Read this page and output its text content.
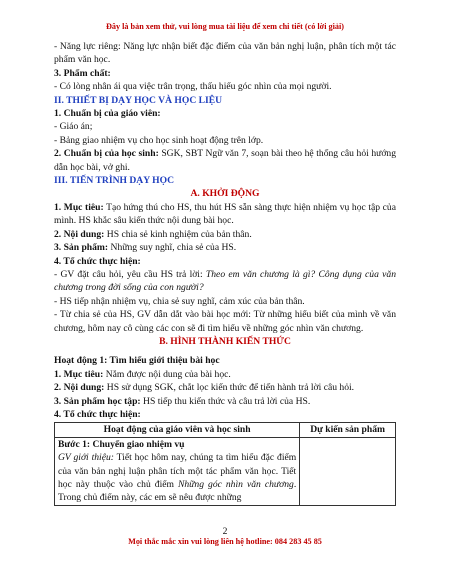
Đây là bản xem thử, vui lòng mua tài liệu để xem chi tiết (có lời giải)

- Năng lực riêng: Năng lực nhận biết đặc điểm của văn bản nghị luận, phân tích một tác phẩm văn học.

3. Phẩm chất:

- Có lòng nhân ái qua việc trân trọng, thấu hiểu góc nhìn của mọi người.

II. THIẾT BỊ DẠY HỌC VÀ HỌC LIỆU

1. Chuẩn bị của giáo viên:

- Giáo án;

- Bảng giao nhiệm vụ cho học sinh hoạt động trên lớp.

2. Chuẩn bị của học sinh: SGK, SBT Ngữ văn 7, soạn bài theo hệ thống câu hỏi hướng dẫn học bài, vở ghi.

III. TIẾN TRÌNH DẠY HỌC

A. KHỞI ĐỘNG

1. Mục tiêu: Tạo hứng thú cho HS, thu hút HS sẵn sàng thực hiện nhiệm vụ học tập của mình. HS khắc sâu kiến thức nội dung bài học.

2. Nội dung: HS chia sẻ kinh nghiệm của bản thân.

3. Sản phẩm: Những suy nghĩ, chia sẻ của HS.

4. Tổ chức thực hiện:

- GV đặt câu hỏi, yêu cầu HS trả lời: Theo em văn chương là gì? Công dụng của văn chương trong đời sống của con người?

- HS tiếp nhận nhiệm vụ, chia sẻ suy nghĩ, cảm xúc của bản thân.

- Từ chia sẻ của HS, GV dẫn dắt vào bài học mới: Từ những hiểu biết của mình về văn chương, hôm nay cô cùng các con sẽ đi tìm hiểu về những góc nhìn văn chương.

B. HÌNH THÀNH KIẾN THỨC

Hoạt động 1: Tìm hiểu giới thiệu bài học

1. Mục tiêu: Nắm được nội dung của bài học.

2. Nội dung: HS sử dụng SGK, chắt lọc kiến thức để tiến hành trả lời câu hỏi.

3. Sản phẩm học tập: HS tiếp thu kiến thức và câu trả lời của HS.

4. Tổ chức thực hiện:

Hoạt động của giáo viên và học sinh	Dự kiến sản phẩm

Bước 1: Chuyển giao nhiệm vụ

GV giới thiệu: Tiết học hôm nay, chúng ta tìm hiểu đặc điểm của văn bản nghị luận phân tích một tác phẩm văn học. Tiết học này thuộc vào chủ điểm Những góc nhìn văn chương. Trong chủ điểm này, các em sẽ nêu được những	

2
Mọi thắc mắc xin vui lòng liên hệ hotline: 084 283 45 85
